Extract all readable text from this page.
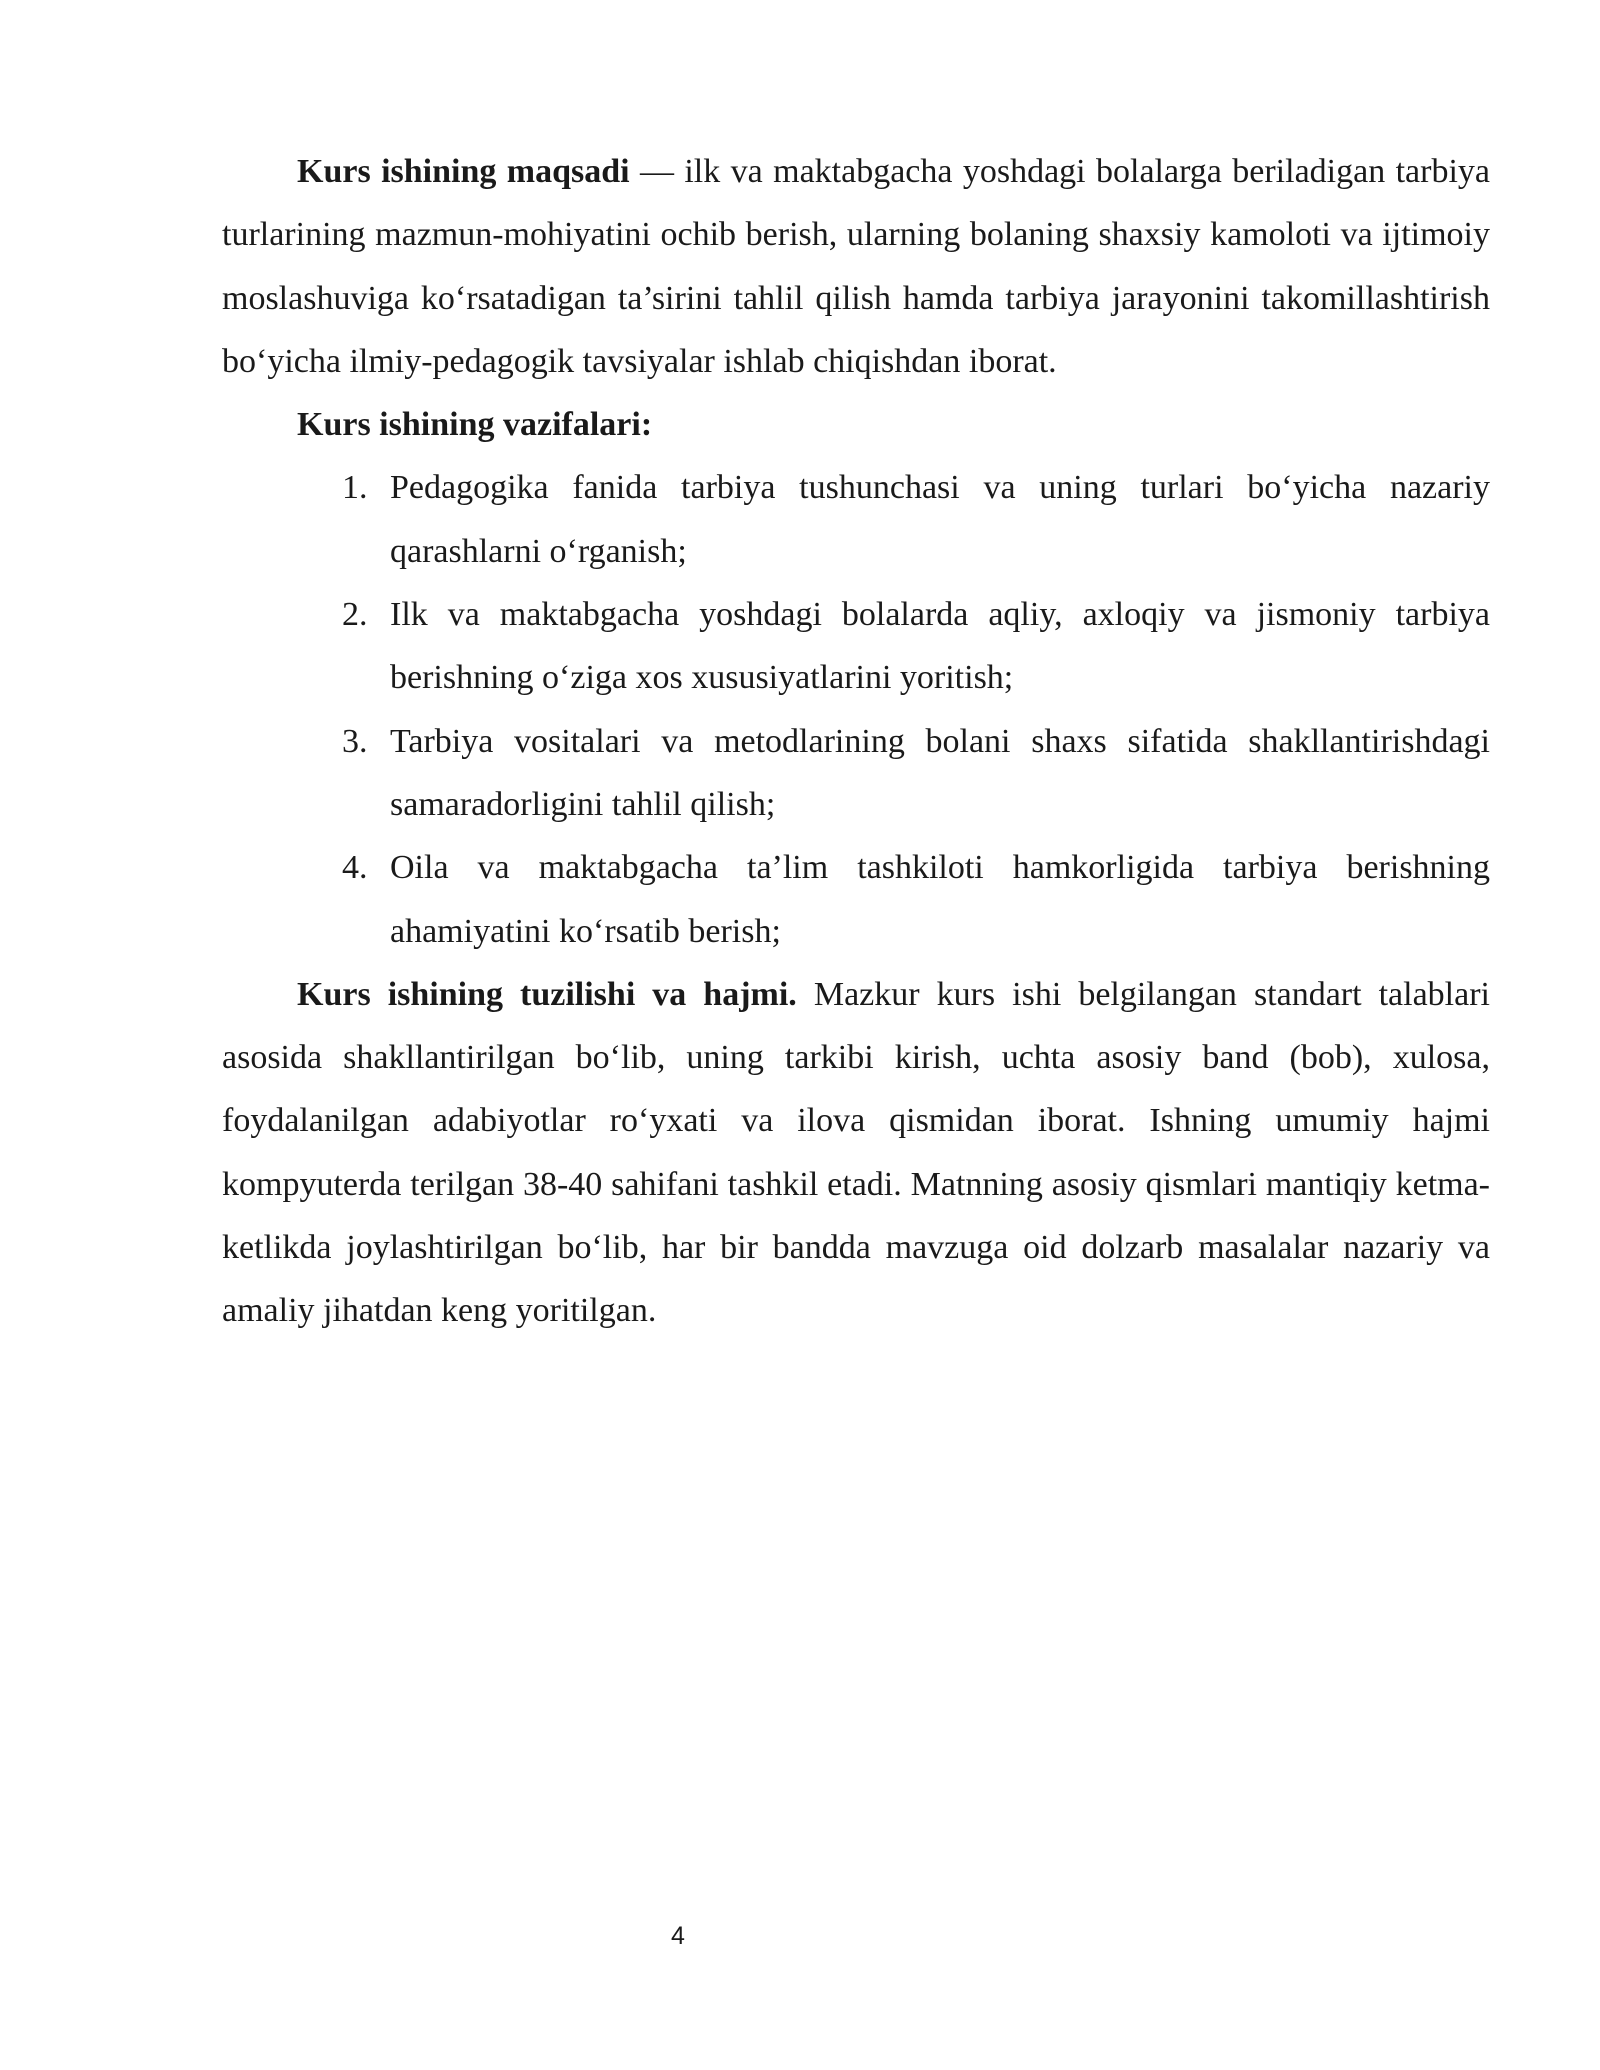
Kurs ishining maqsadi — ilk va maktabgacha yoshdagi bolalarga beriladigan tarbiya turlarining mazmun-mohiyatini ochib berish, ularning bolaning shaxsiy kamoloti va ijtimoiy moslashuviga ko‘rsatadigan ta’sirini tahlil qilish hamda tarbiya jarayonini takomillashtirish bo‘yicha ilmiy-pedagogik tavsiyalar ishlab chiqishdan iborat.

Kurs ishining vazifalari:

1. Pedagogika fanida tarbiya tushunchasi va uning turlari bo‘yicha nazariy qarashlarni o‘rganish;
2. Ilk va maktabgacha yoshdagi bolalarda aqliy, axloqiy va jismoniy tarbiya berishning o‘ziga xos xususiyatlarini yoritish;
3. Tarbiya vositalari va metodlarining bolani shaxs sifatida shakllantirishdagi samaradorligini tahlil qilish;
4. Oila va maktabgacha ta’lim tashkiloti hamkorligida tarbiya berishning ahamiyatini ko‘rsatib berish;

Kurs ishining tuzilishi va hajmi. Mazkur kurs ishi belgilangan standart talablari asosida shakllantirilgan bo‘lib, uning tarkibi kirish, uchta asosiy band (bob), xulosa, foydalanilgan adabiyotlar ro‘yxati va ilova qismidan iborat. Ishning umumiy hajmi kompyuterda terilgan 38-40 sahifani tashkil etadi. Matnning asosiy qismlari mantiqiy ketma-ketlikda joylashtirilgan bo‘lib, har bir bandda mavzuga oid dolzarb masalalar nazariy va amaliy jihatdan keng yoritilgan.

4
